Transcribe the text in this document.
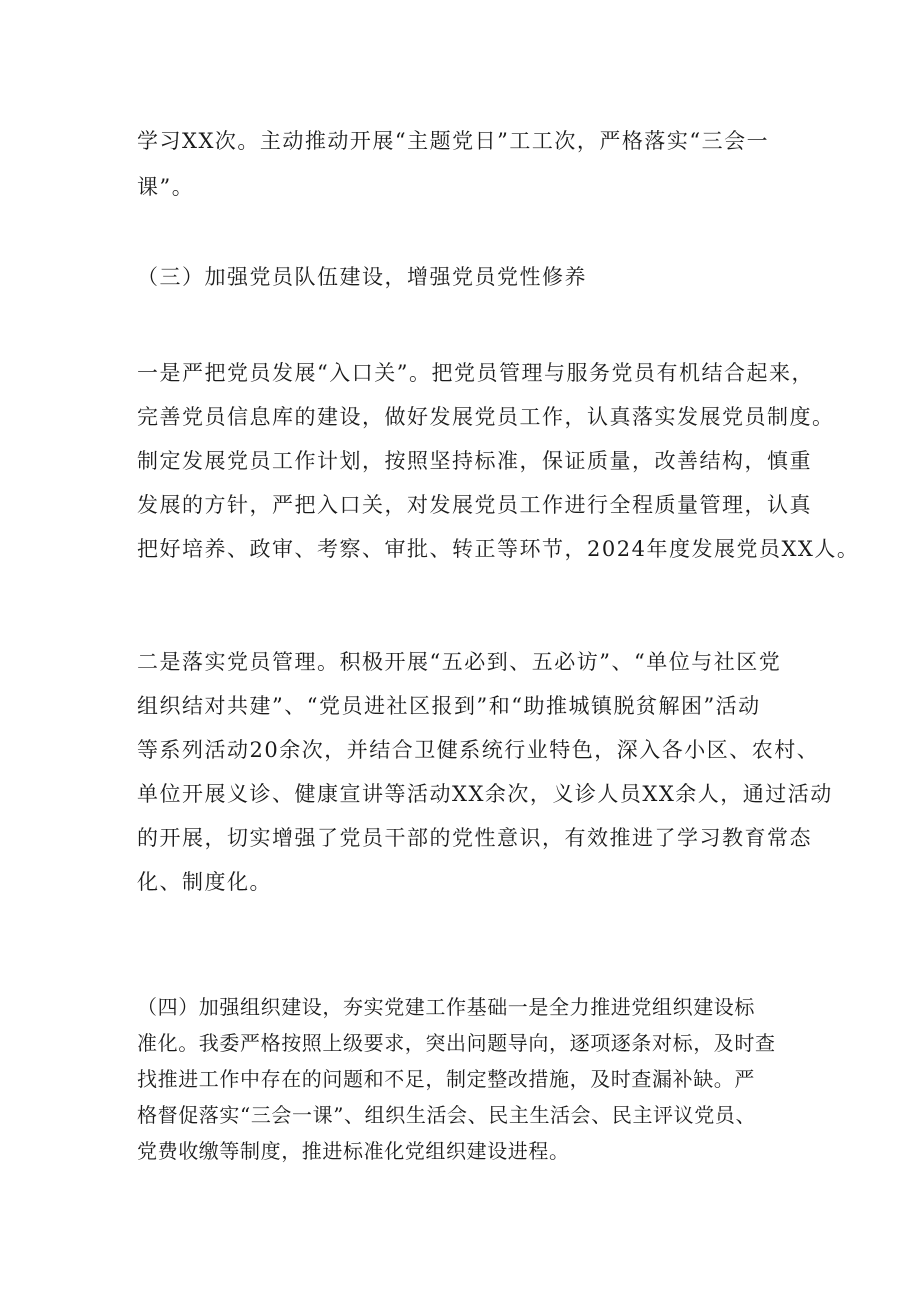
学习XX次。主动推动开展“主题党日”工工次，严格落实“三会一
课”。
（三）加强党员队伍建设，增强党员党性修养
一是严把党员发展“入口关”。把党员管理与服务党员有机结合起来，
完善党员信息库的建设，做好发展党员工作，认真落实发展党员制度。
制定发展党员工作计划，按照坚持标准，保证质量，改善结构，慎重
发展的方针，严把入口关，对发展党员工作进行全程质量管理，认真
把好培养、政审、考察、审批、转正等环节，2024年度发展党员XX人。
二是落实党员管理。积极开展“五必到、五必访”、“单位与社区党
组织结对共建”、“党员进社区报到”和“助推城镇脱贫解困”活动
等系列活动20余次，并结合卫健系统行业特色，深入各小区、农村、
单位开展义诊、健康宣讲等活动XX余次，义诊人员XX余人，通过活动
的开展，切实增强了党员干部的党性意识，有效推进了学习教育常态
化、制度化。
（四）加强组织建设，夯实党建工作基础一是全力推进党组织建设标
准化。我委严格按照上级要求，突出问题导向，逐项逐条对标，及时查
找推进工作中存在的问题和不足，制定整改措施，及时查漏补缺。严
格督促落实“三会一课”、组织生活会、民主生活会、民主评议党员、
党费收缴等制度，推进标准化党组织建设进程。
